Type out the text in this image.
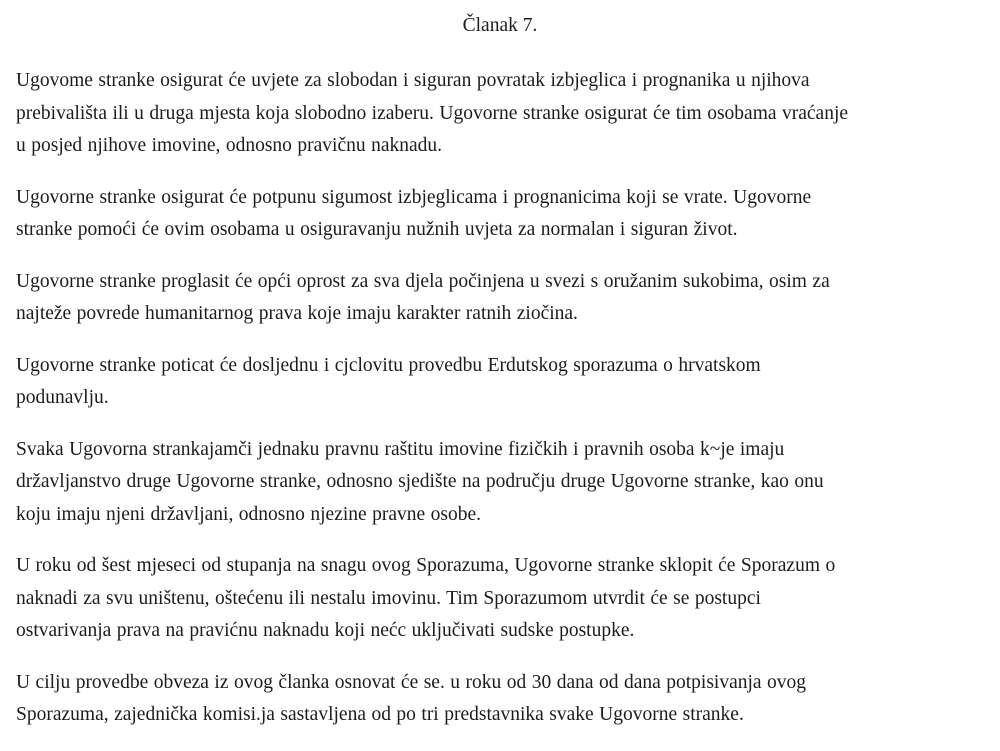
Članak 7.

Ugovome stranke osigurat će uvjete za slobodan i siguran povratak izbjeglica i prognanika u njihova
prebivališta ili u druga mjesta koja slobodno izaberu. Ugovorne stranke osigurat će tim osobama vraćanje
u posjed njihove imovine, odnosno pravičnu naknadu.

Ugovorne stranke osigurat će potpunu sigumost izbjeglicama i prognanicima koji se vrate. Ugovorne
stranke pomoći će ovim osobama u osiguravanju nužnih uvjeta za normalan i siguran život.

Ugovorne stranke proglasit će opći oprost za sva djela počinjena u svezi s oružanim sukobima, osim za
najteže povrede humanitarnog prava koje imaju karakter ratnih ziočina.

Ugovorne stranke poticat će dosljednu i cjclovitu provedbu Erdutskog sporazuma o hrvatskom
podunavlju.

Svaka Ugovorna strankajamči jednaku pravnu raštitu imovine fizičkih i pravnih osoba k~je imaju
državljanstvo druge Ugovorne stranke, odnosno sjedište na području druge Ugovorne stranke, kao onu
koju imaju njeni državljani, odnosno njezine pravne osobe.

U roku od šest mjeseci od stupanja na snagu ovog Sporazuma, Ugovorne stranke sklopit će Sporazum o
naknadi za svu uništenu, oštećenu ili nestalu imovinu. Tim Sporazumom utvrdit će se postupci
ostvarivanja prava na pravićnu naknadu koji nećc uključivati sudske postupke.

U cilju provedbe obveza iz ovog članka osnovat će se. u roku od 30 dana od dana potpisivanja ovog
Sporazuma, zajednička komisi.ja sastavljena od po tri predstavnika svake Ugovorne stranke.
